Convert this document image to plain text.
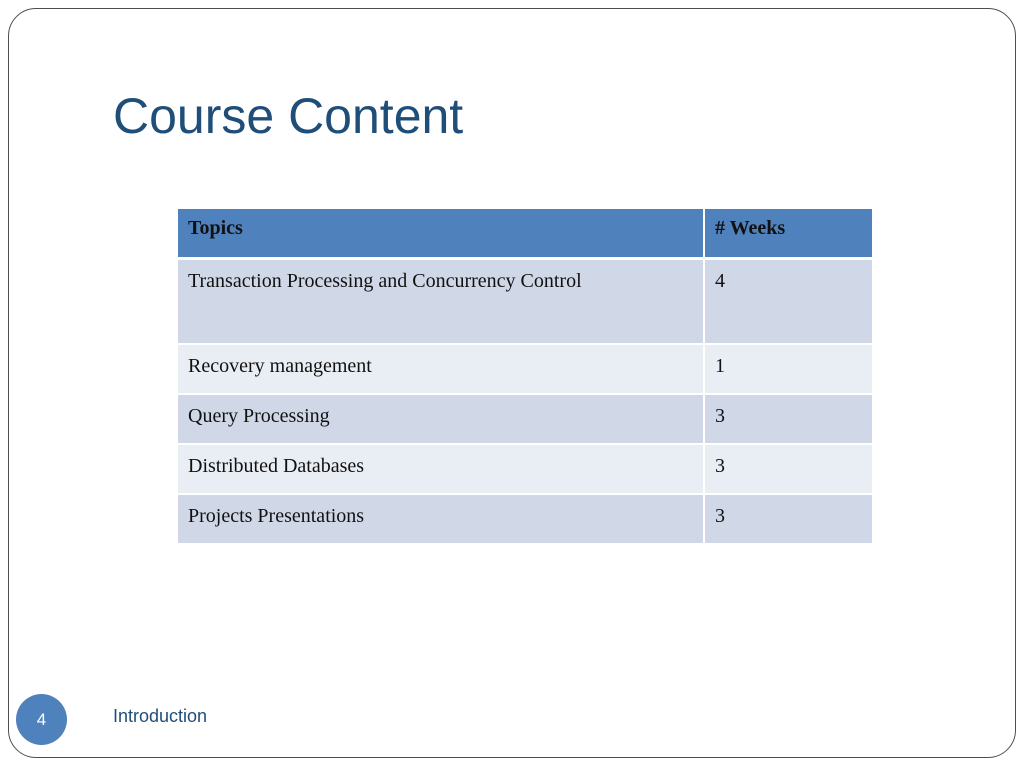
Course Content
Topics	# Weeks
Transaction Processing and Concurrency Control	4
Recovery management	1
Query Processing	3
Distributed Databases	3
Projects Presentations	3
4	Introduction
